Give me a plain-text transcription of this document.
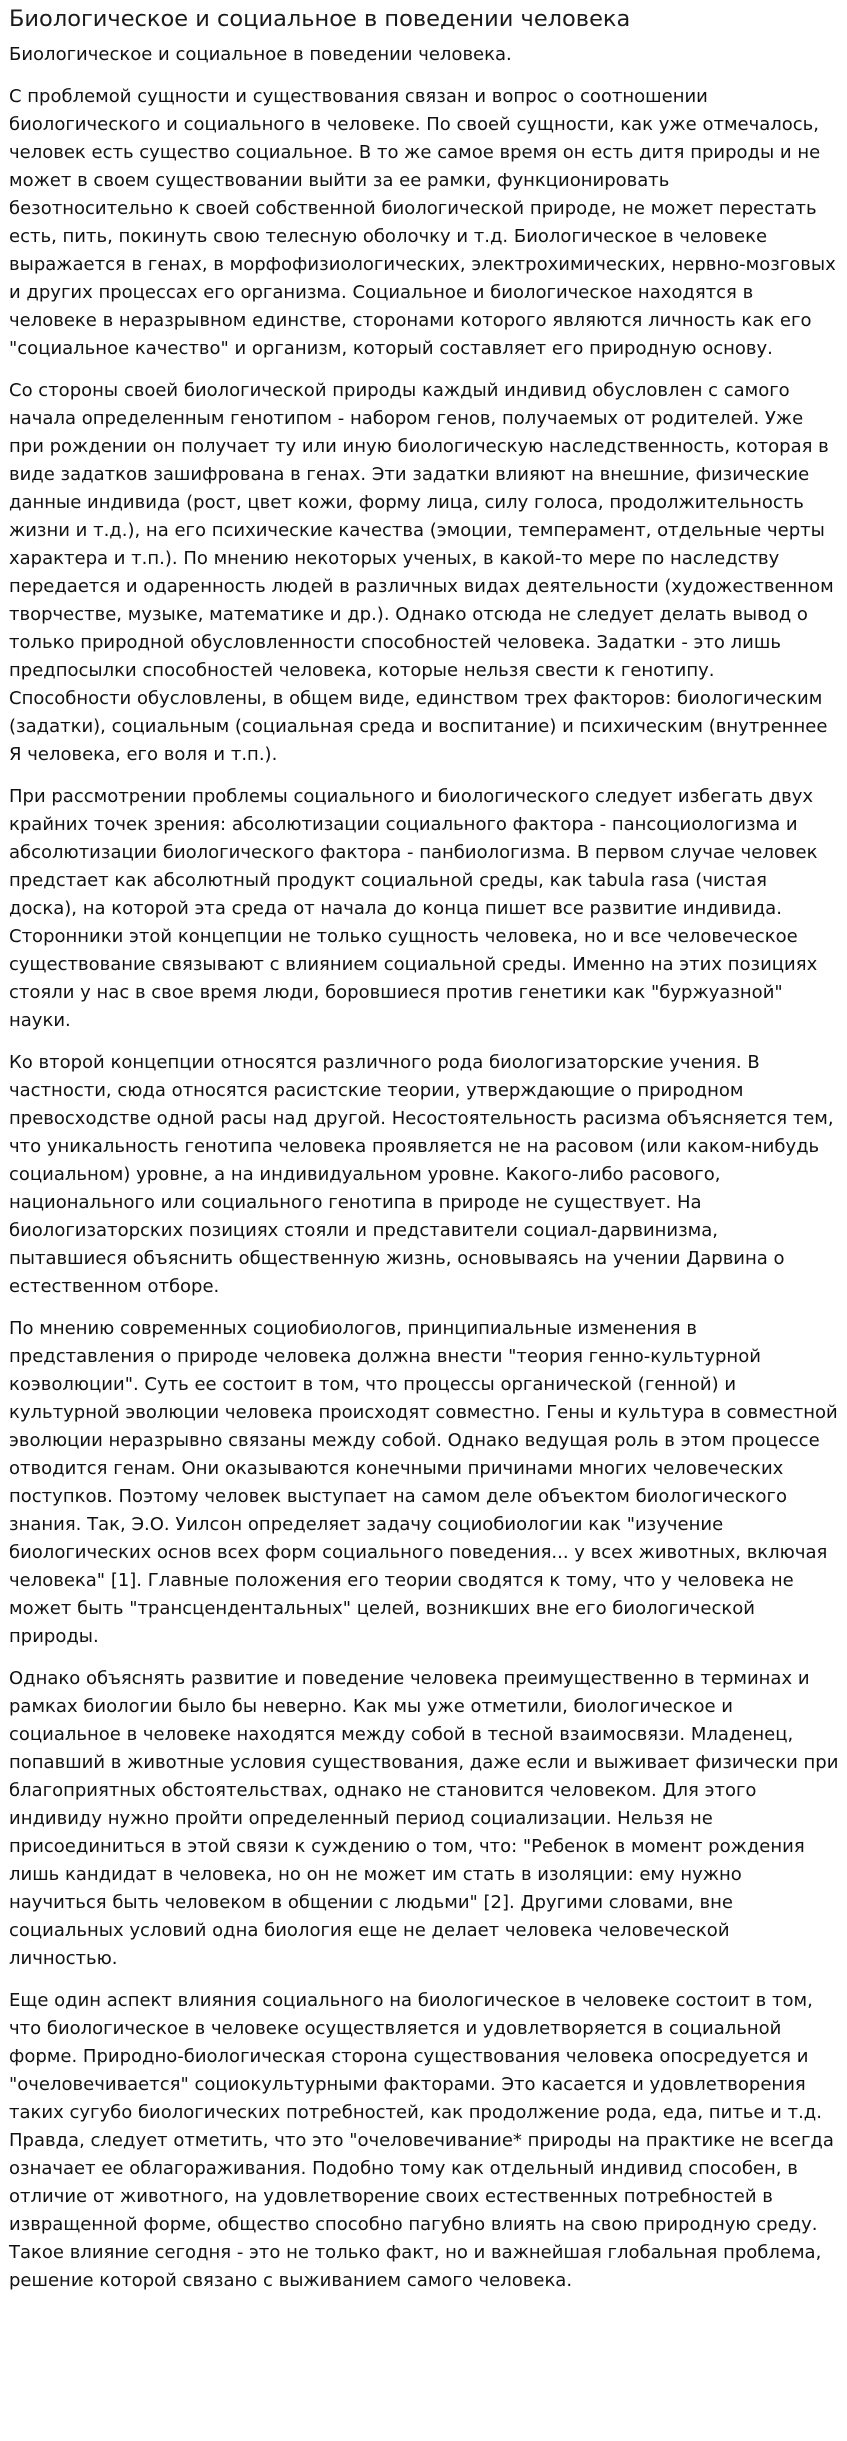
Биологическое и социальное в поведении человека

Биологическое и социальное в поведении человека.

С проблемой сущности и существования связан и вопрос о соотношении биологического и социального в человеке. По своей сущности, как уже отмечалось, человек есть существо социальное. В то же самое время он есть дитя природы и не может в своем существовании выйти за ее рамки, функционировать безотносительно к своей собственной биологической природе, не может перестать есть, пить, покинуть свою телесную оболочку и т.д. Биологическое в человеке выражается в генах, в морфофизиологических, электрохимических, нервно-мозговых и других процессах его организма. Социальное и биологическое находятся в человеке в неразрывном единстве, сторонами которого являются личность как его "социальное качество" и организм, который составляет его природную основу.

Со стороны своей биологической природы каждый индивид обусловлен с самого начала определенным генотипом - набором генов, получаемых от родителей. Уже при рождении он получает ту или иную биологическую наследственность, которая в виде задатков зашифрована в генах. Эти задатки влияют на внешние, физические данные индивида (рост, цвет кожи, форму лица, силу голоса, продолжительность жизни и т.д.), на его психические качества (эмоции, темперамент, отдельные черты характера и т.п.). По мнению некоторых ученых, в какой-то мере по наследству передается и одаренность людей в различных видах деятельности (художественном творчестве, музыке, математике и др.). Однако отсюда не следует делать вывод о только природной обусловленности способностей человека. Задатки - это лишь предпосылки способностей человека, которые нельзя свести к генотипу. Способности обусловлены, в общем виде, единством трех факторов: биологическим (задатки), социальным (социальная среда и воспитание) и психическим (внутреннее Я человека, его воля и т.п.).

При рассмотрении проблемы социального и биологического следует избегать двух крайних точек зрения: абсолютизации социального фактора - пансоциологизма и абсолютизации биологического фактора - панбиологизма. В первом случае человек предстает как абсолютный продукт социальной среды, как tabula rasa (чистая доска), на которой эта среда от начала до конца пишет все развитие индивида. Сторонники этой концепции не только сущность человека, но и все человеческое существование связывают с влиянием социальной среды. Именно на этих позициях стояли у нас в свое время люди, боровшиеся против генетики как "буржуазной" науки.

Ко второй концепции относятся различного рода биологизаторские учения. В частности, сюда относятся расистские теории, утверждающие о природном превосходстве одной расы над другой. Несостоятельность расизма объясняется тем, что уникальность генотипа человека проявляется не на расовом (или каком-нибудь социальном) уровне, а на индивидуальном уровне. Какого-либо расового, национального или социального генотипа в природе не существует. На биологизаторских позициях стояли и представители социал-дарвинизма, пытавшиеся объяснить общественную жизнь, основываясь на учении Дарвина о естественном отборе.

По мнению современных социобиологов, принципиальные изменения в представления о природе человека должна внести "теория генно-культурной коэволюции". Суть ее состоит в том, что процессы органической (генной) и культурной эволюции человека происходят совместно. Гены и культура в совместной эволюции неразрывно связаны между собой. Однако ведущая роль в этом процессе отводится генам. Они оказываются конечными причинами многих человеческих поступков. Поэтому человек выступает на самом деле объектом биологического знания. Так, Э.О. Уилсон определяет задачу социобиологии как "изучение биологических основ всех форм социального поведения... у всех животных, включая человека" [1]. Главные положения его теории сводятся к тому, что у человека не может быть "трансцендентальных" целей, возникших вне его биологической природы.

Однако объяснять развитие и поведение человека преимущественно в терминах и рамках биологии было бы неверно. Как мы уже отметили, биологическое и социальное в человеке находятся между собой в тесной взаимосвязи. Младенец, попавший в животные условия существования, даже если и выживает физически при благоприятных обстоятельствах, однако не становится человеком. Для этого индивиду нужно пройти определенный период социализации. Нельзя не присоединиться в этой связи к суждению о том, что: "Ребенок в момент рождения лишь кандидат в человека, но он не может им стать в изоляции: ему нужно научиться быть человеком в общении с людьми" [2]. Другими словами, вне социальных условий одна биология еще не делает человека человеческой личностью.

Еще один аспект влияния социального на биологическое в человеке состоит в том, что биологическое в человеке осуществляется и удовлетворяется в социальной форме. Природно-биологическая сторона существования человека опосредуется и "очеловечивается" социокультурными факторами. Это касается и удовлетворения таких сугубо биологических потребностей, как продолжение рода, еда, питье и т.д. Правда, следует отметить, что это "очеловечивание* природы на практике не всегда означает ее облагораживания. Подобно тому как отдельный индивид способен, в отличие от животного, на удовлетворение своих естественных потребностей в извращенной форме, общество способно пагубно влиять на свою природную среду. Такое влияние сегодня - это не только факт, но и важнейшая глобальная проблема, решение которой связано с выживанием самого человека.
